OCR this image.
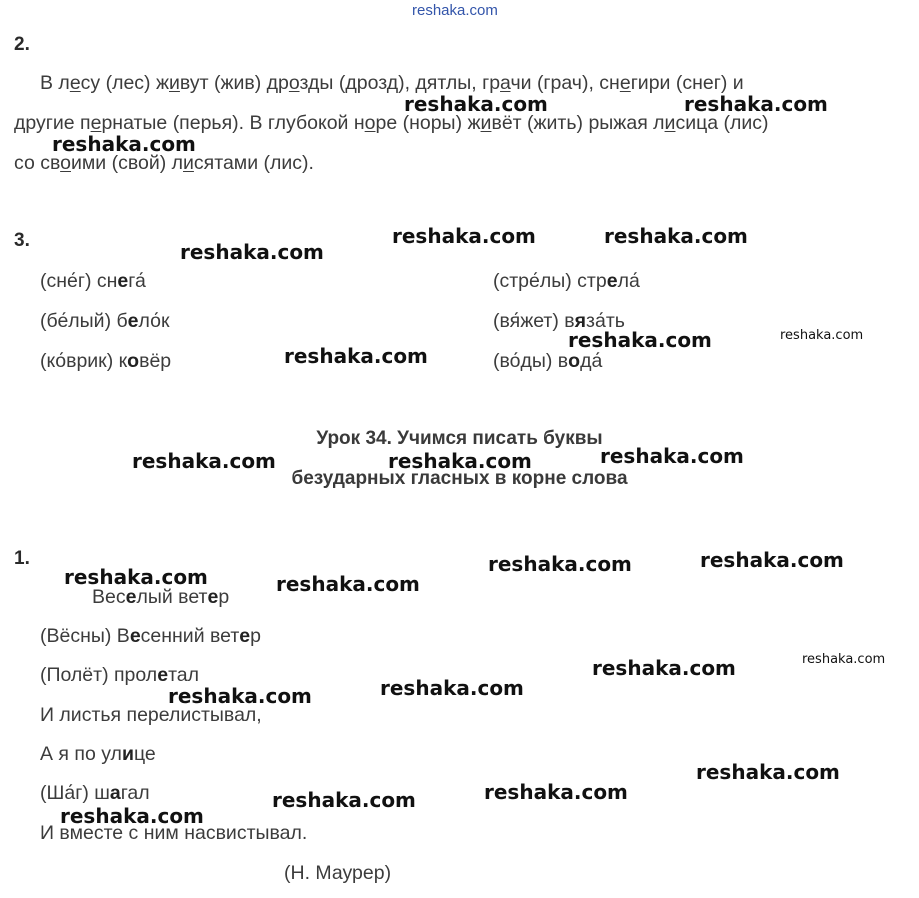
reshaka.com
2.
В лесу (лес) живут (жив) дрозды (дрозд), дятлы, грачи (грач), снегири (снег) и
другие пернатые (перья). В глубокой норе (норы) живёт (жить) рыжая лисица (лис)
со своими (свой) лисятами (лис).
3.
(сне́г) снега́
(бе́лый) бело́к
(ко́врик) ковёр
(стре́лы) стрела́
(вя́жет) вяза́ть
(во́ды) вода́
Урок 34. Учимся писать буквы
безударных гласных в корне слова
1.
Веселый ветер
(Вёсны) Весенний ветер
(Полёт) пролетал
И листья перелистывал,
А я по улице
(Ша́г) шагал
И вместе с ним насвистывал.
(Н. Маурер)
reshaka.com	reshaka.com
reshaka.com
reshaka.com	reshaka.com
reshaka.com
reshaka.com	reshaka.com
reshaka.com
reshaka.com	reshaka.com	reshaka.com
reshaka.com
reshaka.com
reshaka.com	reshaka.com
reshaka.com	reshaka.com
reshaka.com
reshaka.com
reshaka.com
reshaka.com
reshaka.com
reshaka.com
